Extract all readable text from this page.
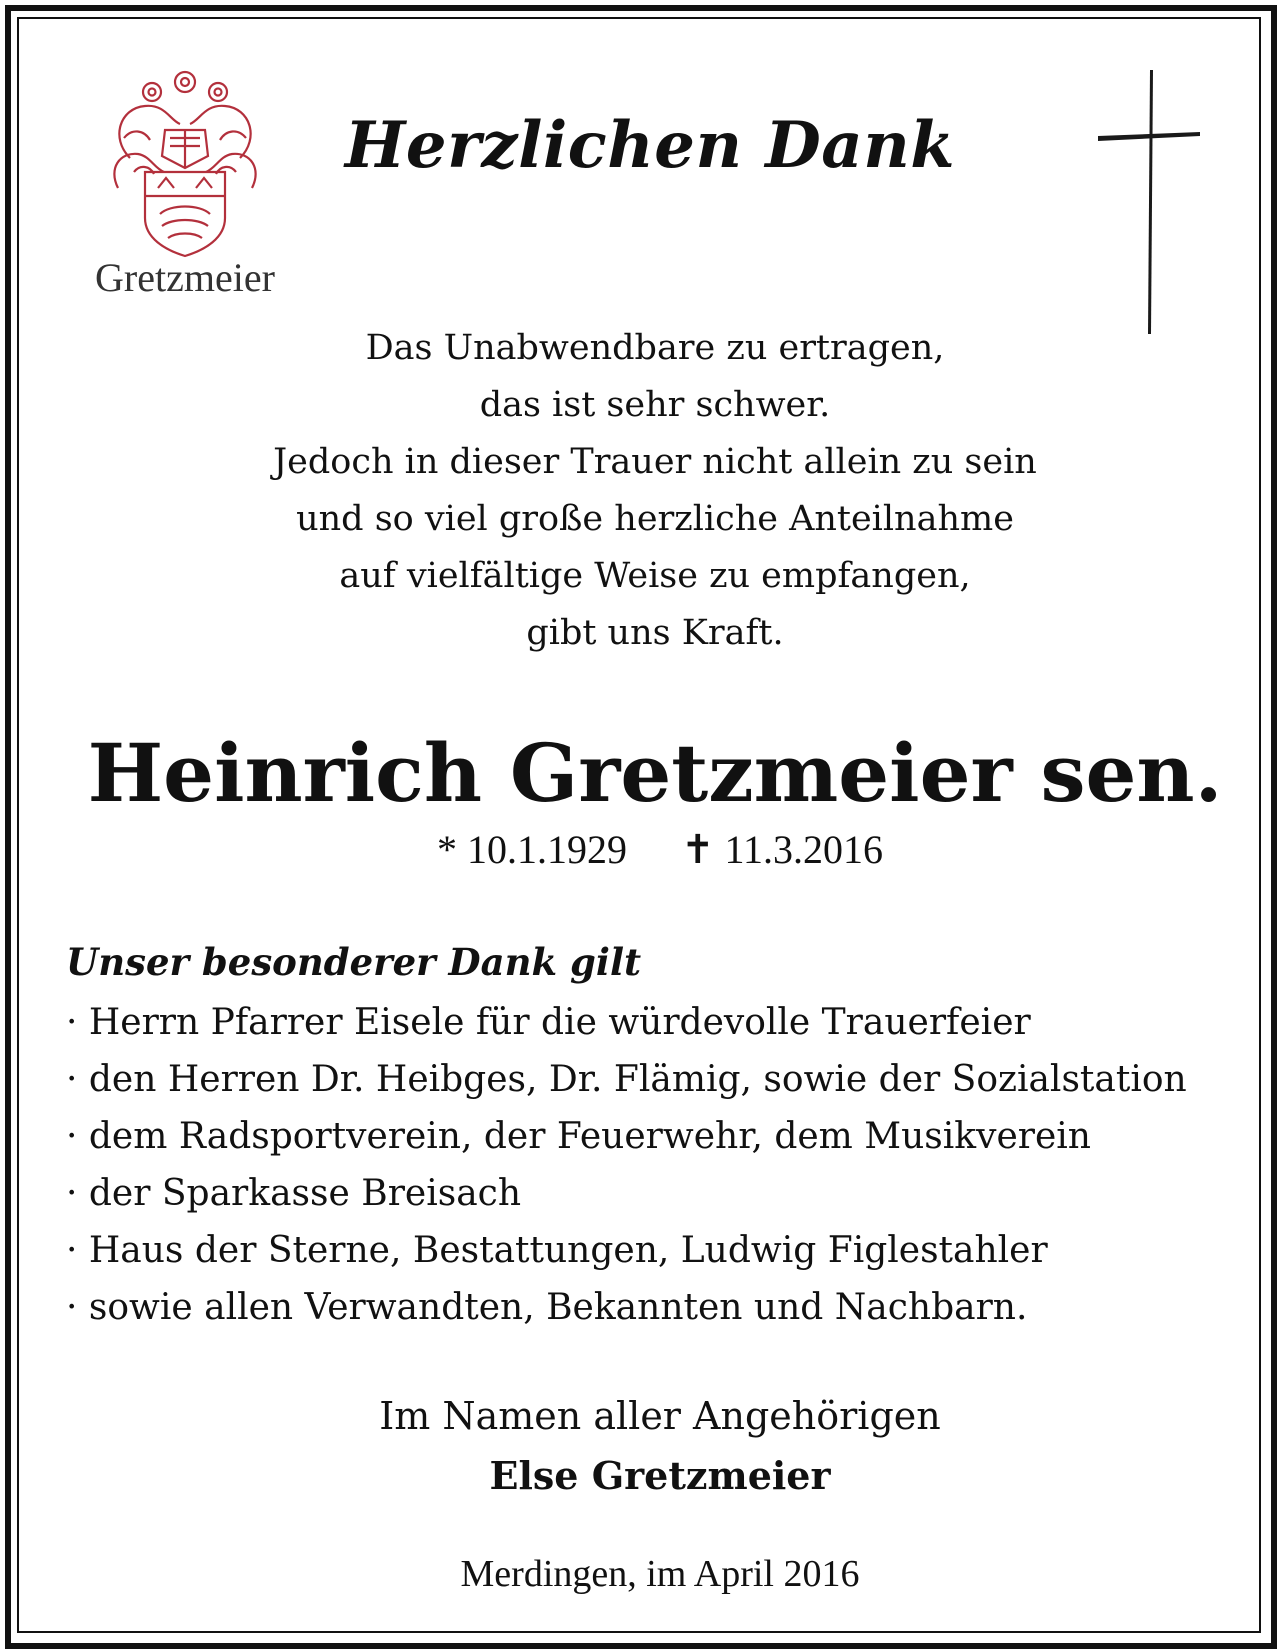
Gretzmeier
Herzlichen Dank
Das Unabwendbare zu ertragen,
das ist sehr schwer.
Jedoch in dieser Trauer nicht allein zu sein
und so viel große herzliche Anteilnahme
auf vielfältige Weise zu empfangen,
gibt uns Kraft.
Heinrich Gretzmeier sen.
* 10.1.1929 ✝ 11.3.2016
Unser besonderer Dank gilt
· Herrn Pfarrer Eisele für die würdevolle Trauerfeier
· den Herren Dr. Heibges, Dr. Flämig, sowie der Sozialstation
· dem Radsportverein, der Feuerwehr, dem Musikverein
· der Sparkasse Breisach
· Haus der Sterne, Bestattungen, Ludwig Figlestahler
· sowie allen Verwandten, Bekannten und Nachbarn.
Im Namen aller Angehörigen
Else Gretzmeier
Merdingen, im April 2016
